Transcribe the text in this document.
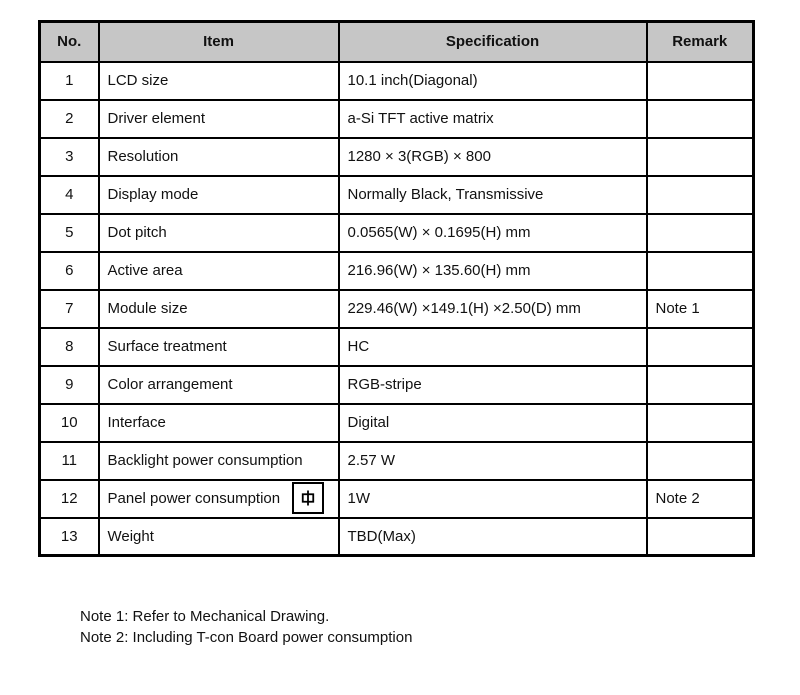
No.	Item	Specification	Remark
1	LCD size	10.1 inch(Diagonal)	
2	Driver element	a-Si TFT active matrix	
3	Resolution	1280 × 3(RGB) × 800	
4	Display mode	Normally Black, Transmissive	
5	Dot pitch	0.0565(W) × 0.1695(H) mm	
6	Active area	216.96(W) × 135.60(H) mm	
7	Module size	229.46(W) ×149.1(H) ×2.50(D) mm	Note 1
8	Surface treatment	HC	
9	Color arrangement	RGB-stripe	
10	Interface	Digital	
11	Backlight power consumption	2.57 W	
12	Panel power consumption	1W	Note 2
13	Weight	TBD(Max)	
Note 1: Refer to Mechanical Drawing.
Note 2: Including T-con Board power consumption
